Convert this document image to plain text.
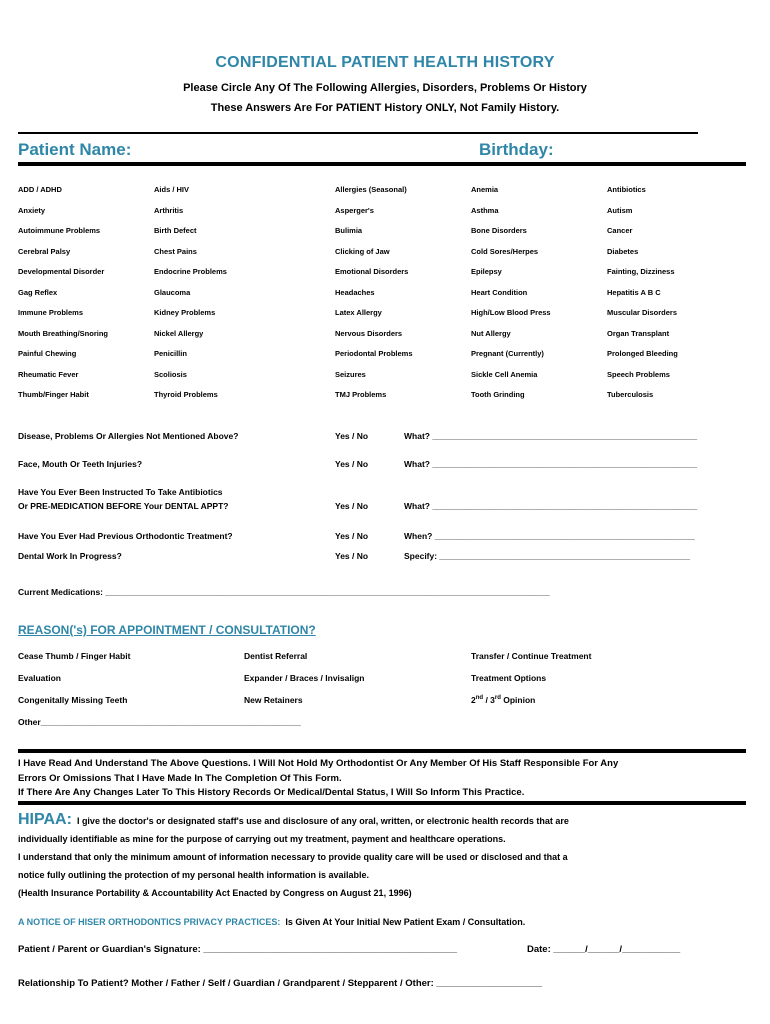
CONFIDENTIAL PATIENT HEALTH HISTORY
Please Circle Any Of The Following Allergies, Disorders, Problems Or History
These Answers Are For PATIENT History ONLY, Not Family History.
Patient Name:	Birthday:
ADD / ADHD	Aids / HIV	Allergies (Seasonal)	Anemia	Antibiotics
Anxiety	Arthritis	Asperger's	Asthma	Autism
Autoimmune Problems	Birth Defect	Bulimia	Bone Disorders	Cancer
Cerebral Palsy	Chest Pains	Clicking of Jaw	Cold Sores/Herpes	Diabetes
Developmental Disorder	Endocrine Problems	Emotional Disorders	Epilepsy	Fainting, Dizziness
Gag Reflex	Glaucoma	Headaches	Heart Condition	Hepatitis A B C
Immune Problems	Kidney Problems	Latex Allergy	High/Low Blood Press	Muscular Disorders
Mouth Breathing/Snoring	Nickel Allergy	Nervous Disorders	Nut Allergy	Organ Transplant
Painful Chewing	Penicillin	Periodontal Problems	Pregnant (Currently)	Prolonged Bleeding
Rheumatic Fever	Scoliosis	Seizures	Sickle Cell Anemia	Speech Problems
Thumb/Finger Habit	Thyroid Problems	TMJ Problems	Tooth Grinding	Tuberculosis
Disease, Problems Or Allergies Not Mentioned Above?	Yes / No	What? ________________________________________________________
Face, Mouth Or Teeth Injuries?	Yes / No	What? ________________________________________________________
Have You Ever Been Instructed To Take Antibiotics
Or PRE-MEDICATION BEFORE Your DENTAL APPT?	Yes / No	What? ________________________________________________________
Have You Ever Had Previous Orthodontic Treatment?	Yes / No	When? _______________________________________________________
Dental Work In Progress?	Yes / No	Specify: _____________________________________________________
Current Medications: ______________________________________________________________________________________________
REASON('s) FOR APPOINTMENT / CONSULTATION?
Cease Thumb / Finger Habit	Dentist Referral	Transfer / Continue Treatment
Evaluation	Expander / Braces / Invisalign	Treatment Options
Congenitally Missing Teeth	New Retainers	2nd / 3rd Opinion
Other_______________________________________________________
I Have Read And Understand The Above Questions. I Will Not Hold My Orthodontist Or Any Member Of His Staff Responsible For Any
Errors Or Omissions That I Have Made In The Completion Of This Form.
If There Are Any Changes Later To This History Records Or Medical/Dental Status, I Will So Inform This Practice.
HIPAA: I give the doctor's or designated staff's use and disclosure of any oral, written, or electronic health records that are
individually identifiable as mine for the purpose of carrying out my treatment, payment and healthcare operations.
I understand that only the minimum amount of information necessary to provide quality care will be used or disclosed and that a
notice fully outlining the protection of my personal health information is available.
(Health Insurance Portability & Accountability Act Enacted by Congress on August 21, 1996)
A NOTICE OF HISER ORTHODONTICS PRIVACY PRACTICES: Is Given At Your Initial New Patient Exam / Consultation.
Patient / Parent or Guardian's Signature: ________________________________________________	Date: ______/______/___________
Relationship To Patient? Mother / Father / Self / Guardian / Grandparent / Stepparent / Other: ____________________
